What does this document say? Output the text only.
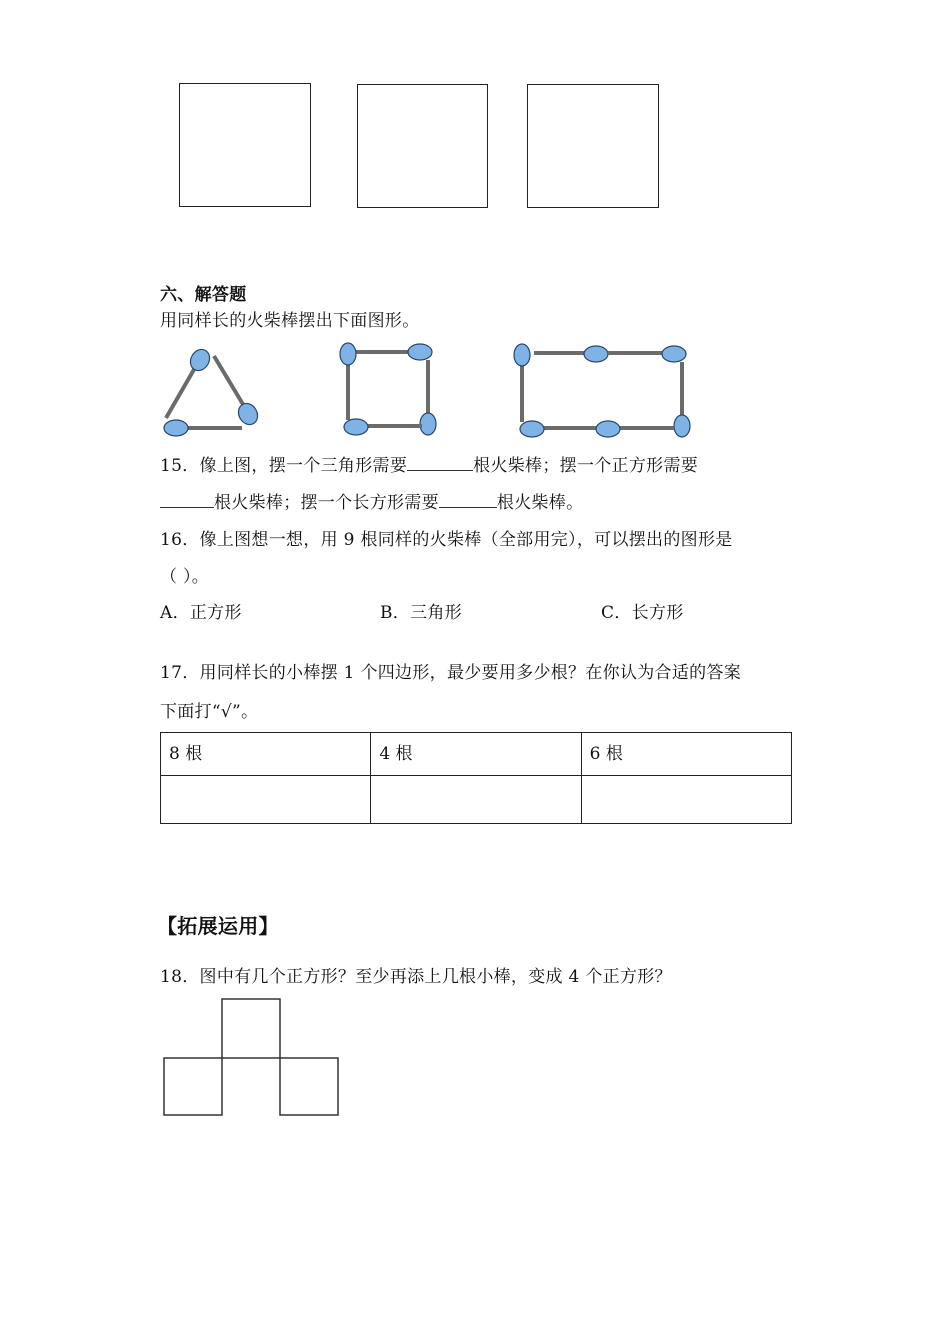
六、解答题
用同样长的火柴棒摆出下面图形。
15．像上图，摆一个三角形需要	根火柴棒；摆一个正方形需要
根火柴棒；摆一个长方形需要	根火柴棒。
16．像上图想一想，用 9 根同样的火柴棒（全部用完），可以摆出的图形是
（ ）。
A．正方形	B．三角形	C．长方形
17．用同样长的小棒摆 1 个四边形，最少要用多少根？在你认为合适的答案
下面打“√”。
8 根	4 根	6 根

【拓展运用】
18．图中有几个正方形？至少再添上几根小棒，变成 4 个正方形？
